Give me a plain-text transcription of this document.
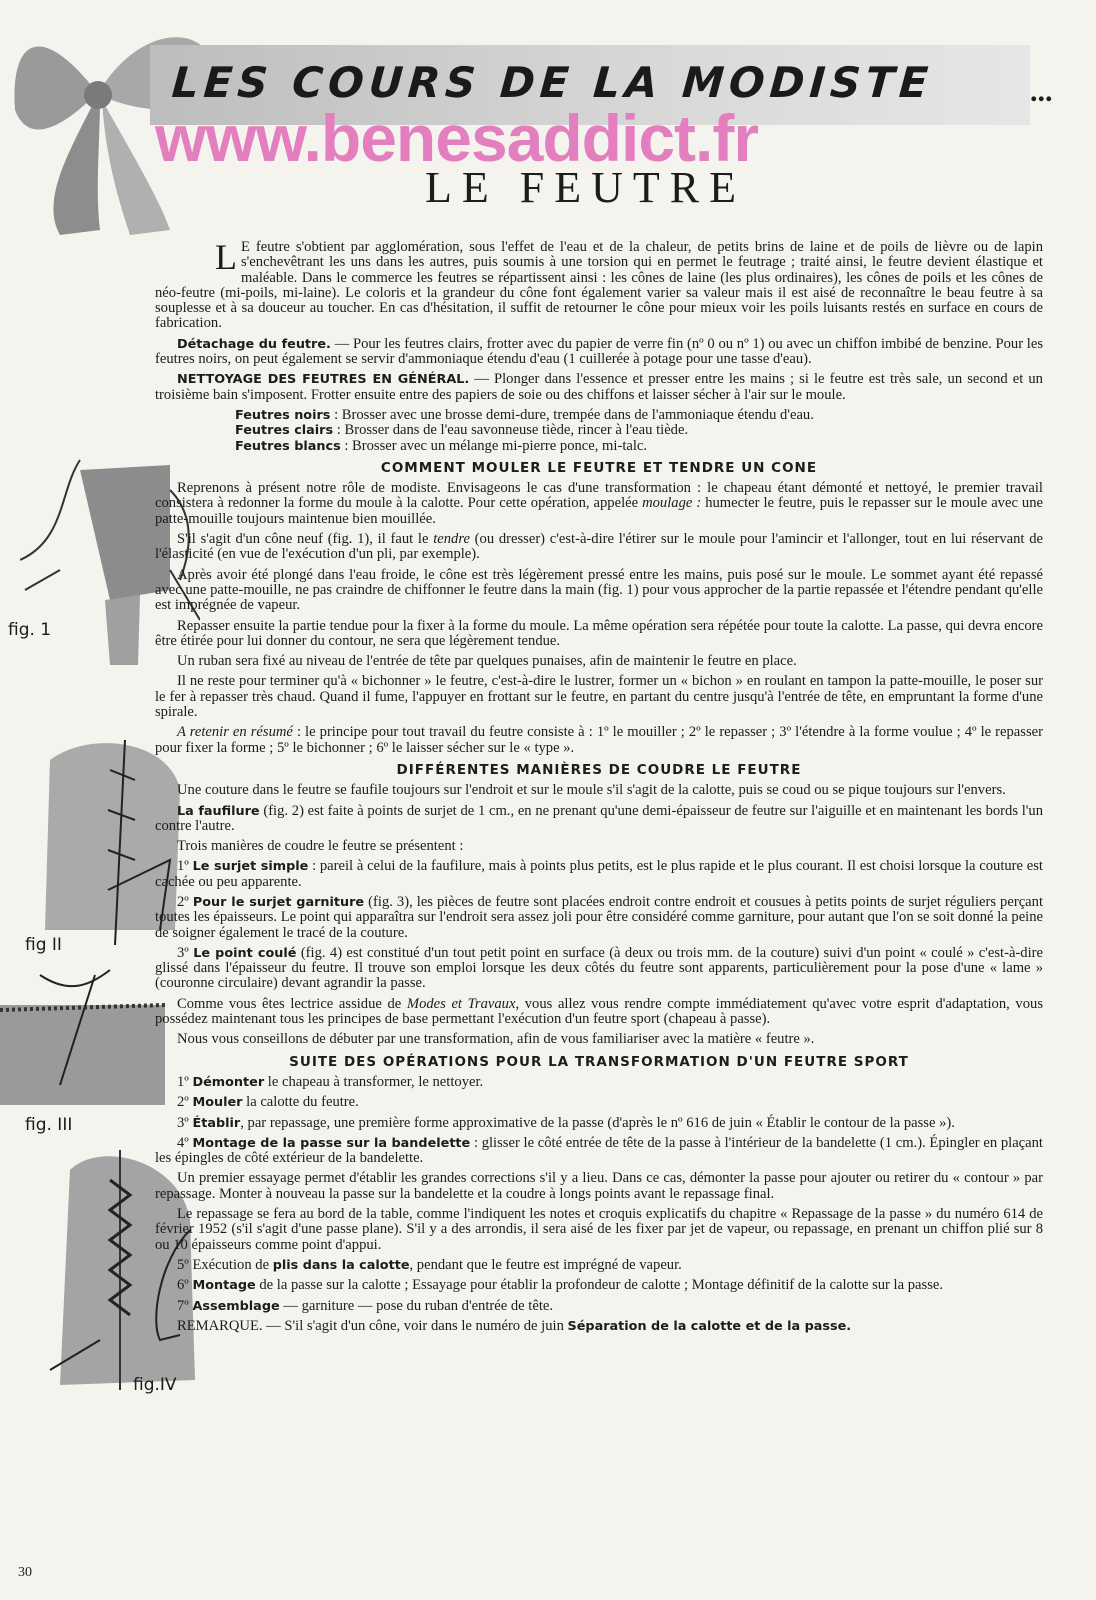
LES COURS DE LA MODISTE	...
www.benesaddict.fr
LE FEUTRE
fig. 1
fig II
fig. III
fig.IV

L E feutre s'obtient par agglomération, sous l'effet de l'eau et de la chaleur, de petits brins de laine et de poils de lièvre ou de lapin s'enchevêtrant les uns dans les autres, puis soumis à une torsion qui en permet le feutrage ; traité ainsi, le feutre devient élastique et maléable. Dans le commerce les feutres se répartissent ainsi : les cônes de laine (les plus ordinaires), les cônes de poils et les cônes de néo-feutre (mi-poils, mi-laine). Le coloris et la grandeur du cône font également varier sa valeur mais il est aisé de reconnaître le beau feutre à sa souplesse et à sa douceur au toucher. En cas d'hésitation, il suffit de retourner le cône pour mieux voir les poils luisants restés en surface en cours de fabrication.

Détachage du feutre. — Pour les feutres clairs, frotter avec du papier de verre fin (nº 0 ou nº 1) ou avec un chiffon imbibé de benzine. Pour les feutres noirs, on peut également se servir d'ammoniaque étendu d'eau (1 cuillerée à potage pour une tasse d'eau).

NETTOYAGE DES FEUTRES EN GÉNÉRAL. — Plonger dans l'essence et presser entre les mains ; si le feutre est très sale, un second et un troisième bain s'imposent. Frotter ensuite entre des papiers de soie ou des chiffons et laisser sécher à l'air sur le moule.

Feutres noirs : Brosser avec une brosse demi-dure, trempée dans de l'ammoniaque étendu d'eau.
Feutres clairs : Brosser dans de l'eau savonneuse tiède, rincer à l'eau tiède.
Feutres blancs : Brosser avec un mélange mi-pierre ponce, mi-talc.
COMMENT MOULER LE FEUTRE ET TENDRE UN CONE

Reprenons à présent notre rôle de modiste. Envisageons le cas d'une transformation : le chapeau étant démonté et nettoyé, le premier travail consistera à redonner la forme du moule à la calotte. Pour cette opération, appelée moulage : humecter le feutre, puis le repasser sur le moule avec une patte-mouille toujours maintenue bien mouillée.

S'il s'agit d'un cône neuf (fig. 1), il faut le tendre (ou dresser) c'est-à-dire l'étirer sur le moule pour l'amincir et l'allonger, tout en lui réservant de l'élasticité (en vue de l'exécution d'un pli, par exemple).

Après avoir été plongé dans l'eau froide, le cône est très légèrement pressé entre les mains, puis posé sur le moule. Le sommet ayant été repassé avec une patte-mouille, ne pas craindre de chiffonner le feutre dans la main (fig. 1) pour vous approcher de la partie repassée et l'étendre pendant qu'elle est imprégnée de vapeur.

Repasser ensuite la partie tendue pour la fixer à la forme du moule. La même opération sera répétée pour toute la calotte. La passe, qui devra encore être étirée pour lui donner du contour, ne sera que légèrement tendue.

Un ruban sera fixé au niveau de l'entrée de tête par quelques punaises, afin de maintenir le feutre en place.

Il ne reste pour terminer qu'à « bichonner » le feutre, c'est-à-dire le lustrer, former un « bichon » en roulant en tampon la patte-mouille, le poser sur le fer à repasser très chaud. Quand il fume, l'appuyer en frottant sur le feutre, en partant du centre jusqu'à l'entrée de tête, en empruntant la forme d'une spirale.

A retenir en résumé : le principe pour tout travail du feutre consiste à : 1º le mouiller ; 2º le repasser ; 3º l'étendre à la forme voulue ; 4º le repasser pour fixer la forme ; 5º le bichonner ; 6º le laisser sécher sur le « type ».

DIFFÉRENTES MANIÈRES DE COUDRE LE FEUTRE

Une couture dans le feutre se faufile toujours sur l'endroit et sur le moule s'il s'agit de la calotte, puis se coud ou se pique toujours sur l'envers.

La faufilure (fig. 2) est faite à points de surjet de 1 cm., en ne prenant qu'une demi-épaisseur de feutre sur l'aiguille et en maintenant les bords l'un contre l'autre.

Trois manières de coudre le feutre se présentent :

1º Le surjet simple : pareil à celui de la faufilure, mais à points plus petits, est le plus rapide et le plus courant. Il est choisi lorsque la couture est cachée ou peu apparente.

2º Pour le surjet garniture (fig. 3), les pièces de feutre sont placées endroit contre endroit et cousues à petits points de surjet réguliers perçant toutes les épaisseurs. Le point qui apparaîtra sur l'endroit sera assez joli pour être considéré comme garniture, pour autant que l'on se soit donné la peine de soigner également le tracé de la couture.

3º Le point coulé (fig. 4) est constitué d'un tout petit point en surface (à deux ou trois mm. de la couture) suivi d'un point « coulé » c'est-à-dire glissé dans l'épaisseur du feutre. Il trouve son emploi lorsque les deux côtés du feutre sont apparents, particulièrement pour la pose d'une « lame » (couronne circulaire) devant agrandir la passe.

Comme vous êtes lectrice assidue de Modes et Travaux, vous allez vous rendre compte immédiatement qu'avec votre esprit d'adaptation, vous possédez maintenant tous les principes de base permettant l'exécution d'un feutre sport (chapeau à passe).

Nous vous conseillons de débuter par une transformation, afin de vous familiariser avec la matière « feutre ».

SUITE DES OPÉRATIONS POUR LA TRANSFORMATION D'UN FEUTRE SPORT

1º Démonter le chapeau à transformer, le nettoyer.

2º Mouler la calotte du feutre.

3º Établir, par repassage, une première forme approximative de la passe (d'après le nº 616 de juin « Établir le contour de la passe »).

4º Montage de la passe sur la bandelette : glisser le côté entrée de tête de la passe à l'intérieur de la bandelette (1 cm.). Épingler en plaçant les épingles de côté extérieur de la bandelette.

Un premier essayage permet d'établir les grandes corrections s'il y a lieu. Dans ce cas, démonter la passe pour ajouter ou retirer du « contour » par repassage. Monter à nouveau la passe sur la bandelette et la coudre à longs points avant le repassage final.

Le repassage se fera au bord de la table, comme l'indiquent les notes et croquis explicatifs du chapitre « Repassage de la passe » du numéro 614 de février 1952 (s'il s'agit d'une passe plane). S'il y a des arrondis, il sera aisé de les fixer par jet de vapeur, ou repassage, en prenant un chiffon plié sur 8 ou 10 épaisseurs comme point d'appui.

5º Exécution de plis dans la calotte, pendant que le feutre est imprégné de vapeur.

6º Montage de la passe sur la calotte ; Essayage pour établir la profondeur de calotte ; Montage définitif de la calotte sur la passe.

7º Assemblage — garniture — pose du ruban d'entrée de tête.

REMARQUE. — S'il s'agit d'un cône, voir dans le numéro de juin Séparation de la calotte et de la passe.

30
